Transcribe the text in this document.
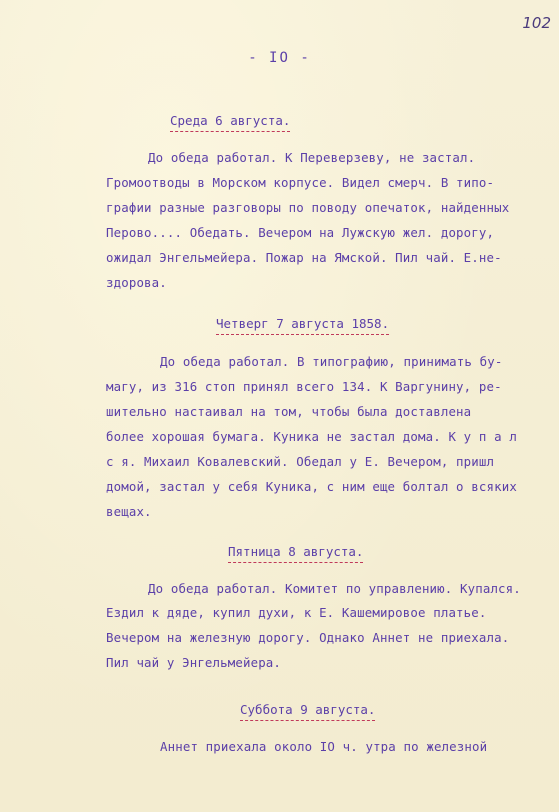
102
- IO -
Среда 6 августа.
До обеда работал. К Переверзеву, не застал.
Громоотводы в Морском корпусе. Видел смерч. В типо-
графии разные разговоры по поводу опечаток, найденных
Перово.... Обедать. Вечером на Лужскую жел. дорогу,
ожидал Энгельмейера. Пожар на Ямской. Пил чай. Е.не-
здорова.
Четверг 7 августа 1858.
До обеда работал. В типографию, принимать бу-
магу, из 316 стоп принял всего 134. К Варгунину, ре-
шительно настаивал на том, чтобы была доставлена
более хорошая бумага. Куника не застал дома. К у п а л
с я. Михаил Ковалевский. Обедал у Е. Вечером, пришл
домой, застал у себя Куника, с ним еще болтал о всяких
вещах.
Пятница 8 августа.
До обеда работал. Комитет по управлению. Купался.
Ездил к дяде, купил духи, к Е. Кашемировое платье.
Вечером на железную дорогу. Однако Аннет не приехала.
Пил чай у Энгельмейера.
Суббота 9 августа.
Аннет приехала около IO ч. утра по железной
